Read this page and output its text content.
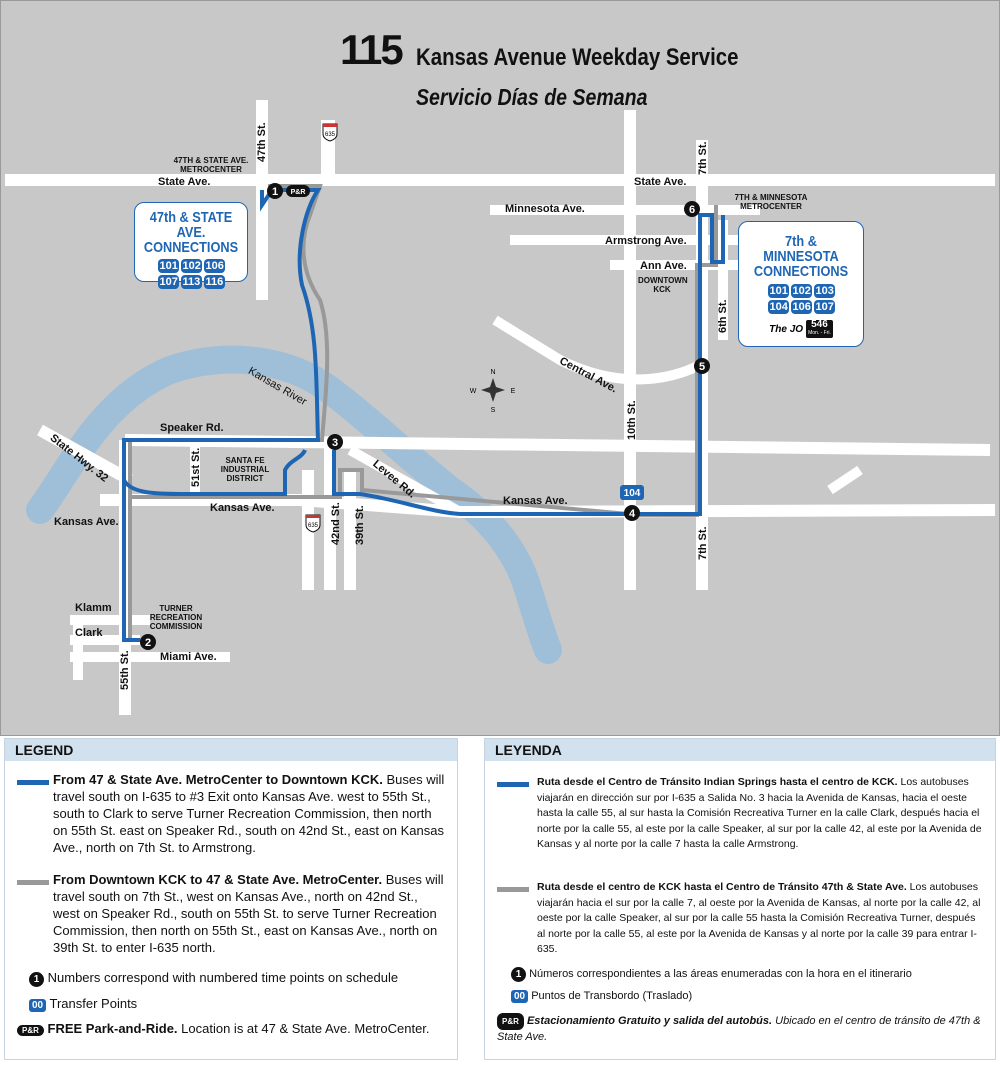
635
635
N
S
E
W
P&R
104
1
2
3
4
5
6
115 Kansas Avenue Weekday Service
Servicio Días de Semana
State Ave.	State Ave.
47th St.
Minnesota Ave.
Armstrong Ave.
Ann Ave.
7th St.
6th St.
Central Ave.
10th St.
Kansas River
Speaker Rd.
51st St.
State Hwy. 32
Kansas Ave.
Kansas Ave.
Kansas Ave.
Levee Rd.
42nd St. 39th St.	7th St.
Klamm
Clark
Miami Ave.
55th St.
47TH & STATE AVE. METROCENTER
7TH & MINNESOTA METROCENTER
DOWNTOWN KCK
SANTA FE INDUSTRIAL DISTRICT
TURNER RECREATION COMMISSION
47th & STATE AVE.
CONNECTIONS
101 102 106
107 113 116
7th & MINNESOTA
CONNECTIONS
101 102 103
104 106 107
The JO 546
Mon. - Fri.
LEGEND
From 47 & State Ave. MetroCenter to Downtown KCK. Buses will travel south on I-635 to #3 Exit onto Kansas Ave. west to 55th St., south to Clark to serve Turner Recreation Commission, then north on 55th St. east on Speaker Rd., south on 42nd St., east on Kansas Ave., north on 7th St. to Armstrong.
From Downtown KCK to 47 & State Ave. MetroCenter. Buses will travel south on 7th St., west on Kansas Ave., north on 42nd St., west on Speaker Rd., south on 55th St. to serve Turner Recreation Commission, then north on 55th St., east on Kansas Ave., north on 39th St. to enter I-635 north.
1 Numbers correspond with numbered time points on schedule
00 Transfer Points
P&R FREE Park-and-Ride. Location is at 47 & State Ave. MetroCenter.
LEYENDA
Ruta desde el Centro de Tránsito Indian Springs hasta el centro de KCK. Los autobuses viajarán en dirección sur por I-635 a Salida No. 3 hacia la Avenida de Kansas, hacia el oeste hasta la calle 55, al sur hasta la Comisión Recreativa Turner en la calle Clark, después hacia el norte por la calle 55, al este por la calle Speaker, al sur por la calle 42, al este por la Avenida de Kansas y al norte por la calle 7 hasta la calle Armstrong.
Ruta desde el centro de KCK hasta el Centro de Tránsito 47th & State Ave. Los autobuses viajarán hacia el sur por la calle 7, al oeste por la Avenida de Kansas, al norte por la calle 42, al oeste por la calle Speaker, al sur por la calle 55 hasta la Comisión Recreativa Turner, después al norte por la calle 55, al este por la Avenida de Kansas y al norte por la calle 39 para entrar I-635.
1 Números correspondientes a las áreas enumeradas con la hora en el itinerario
00 Puntos de Transbordo (Traslado)
P&R Estacionamiento Gratuito y salida del autobús. Ubicado en el centro de tránsito de 47th & State Ave.
